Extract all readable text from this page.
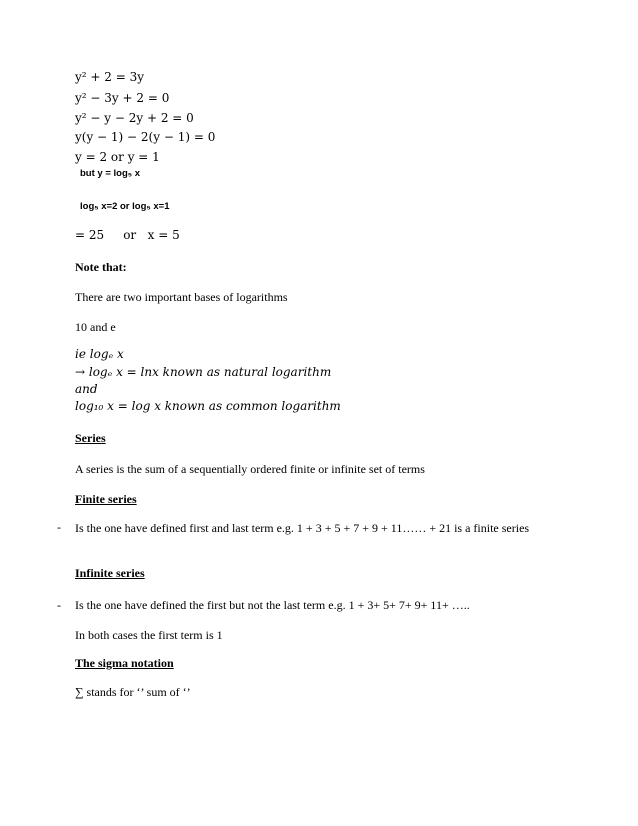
y² + 2 = 3y
y² − 3y + 2 = 0
y² − y − 2y + 2 = 0
y(y − 1) − 2(y − 1) = 0
y = 2 or y = 1
but y = log₅ x
log₅ x=2 or log₅ x=1
= 25     or   x = 5
Note that:
There are two important bases of logarithms
10 and e
ie logₑ x
→ logₑ x = lnx known as natural logarithm
and
log₁₀ x = log x known as common logarithm
Series
A series is the sum of a sequentially ordered finite or infinite set of terms
Finite series
- Is the one have defined first and last term e.g. 1 + 3 + 5 + 7 + 9 + 11…… + 21 is a finite series
Infinite series
- Is the one have defined the first but not the last term e.g. 1 + 3+ 5+ 7+ 9+ 11+ …..
In both cases the first term is 1
The sigma notation
∑ stands for ‘’ sum of ‘’
